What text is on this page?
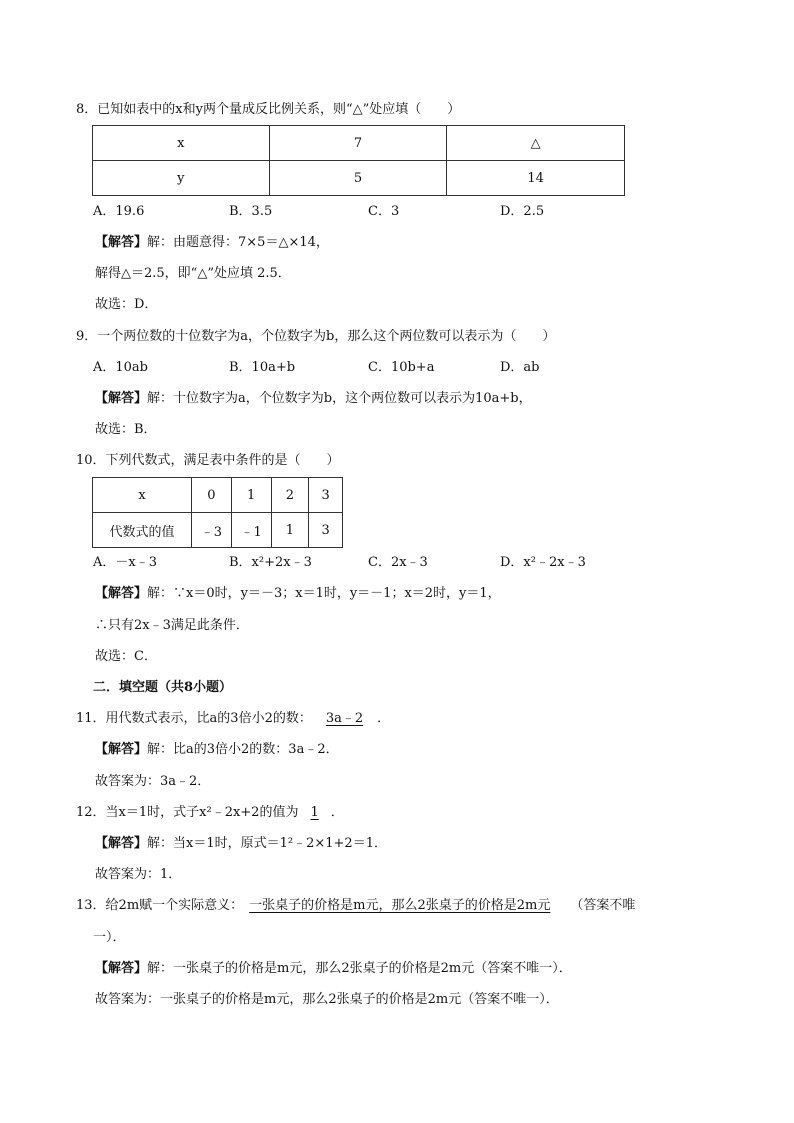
8．已知如表中的x和y两个量成反比例关系，则“△”处应填（　　）
x	7	△
y	5	14
A．19.6	B．3.5	C．3	D．2.5
【解答】解：由题意得：7×5＝△×14，
解得△＝2.5，即“△”处应填 2.5．
故选：D．
9．一个两位数的十位数字为a，个位数字为b，那么这个两位数可以表示为（　　）
A．10ab	B．10a+b	C．10b+a	D．ab
【解答】解：十位数字为a，个位数字为b，这个两位数可以表示为10a+b，
故选：B．
10．下列代数式，满足表中条件的是（　　）
x	0	1	2	3
代数式的值	﹣3	﹣1	1	3
A．－x﹣3	B．x²+2x﹣3	C．2x﹣3	D．x²﹣2x﹣3
【解答】解：∵x＝0时，y＝－3；x＝1时，y＝－1；x＝2时，y＝1，
∴只有2x﹣3满足此条件．
故选：C．
二．填空题（共8小题）
11．用代数式表示，比a的3倍小2的数： 3a﹣2 ．
【解答】解：比a的3倍小2的数：3a﹣2．
故答案为：3a﹣2．
12．当x＝1时，式子x²﹣2x+2的值为 1 ．
【解答】解：当x＝1时，原式＝1²﹣2×1+2＝1．
故答案为：1．
13．给2m赋一个实际意义： 一张桌子的价格是m元，那么2张桌子的价格是2m元 （答案不唯
一）．
【解答】解：一张桌子的价格是m元，那么2张桌子的价格是2m元（答案不唯一）．
故答案为：一张桌子的价格是m元，那么2张桌子的价格是2m元（答案不唯一）．
